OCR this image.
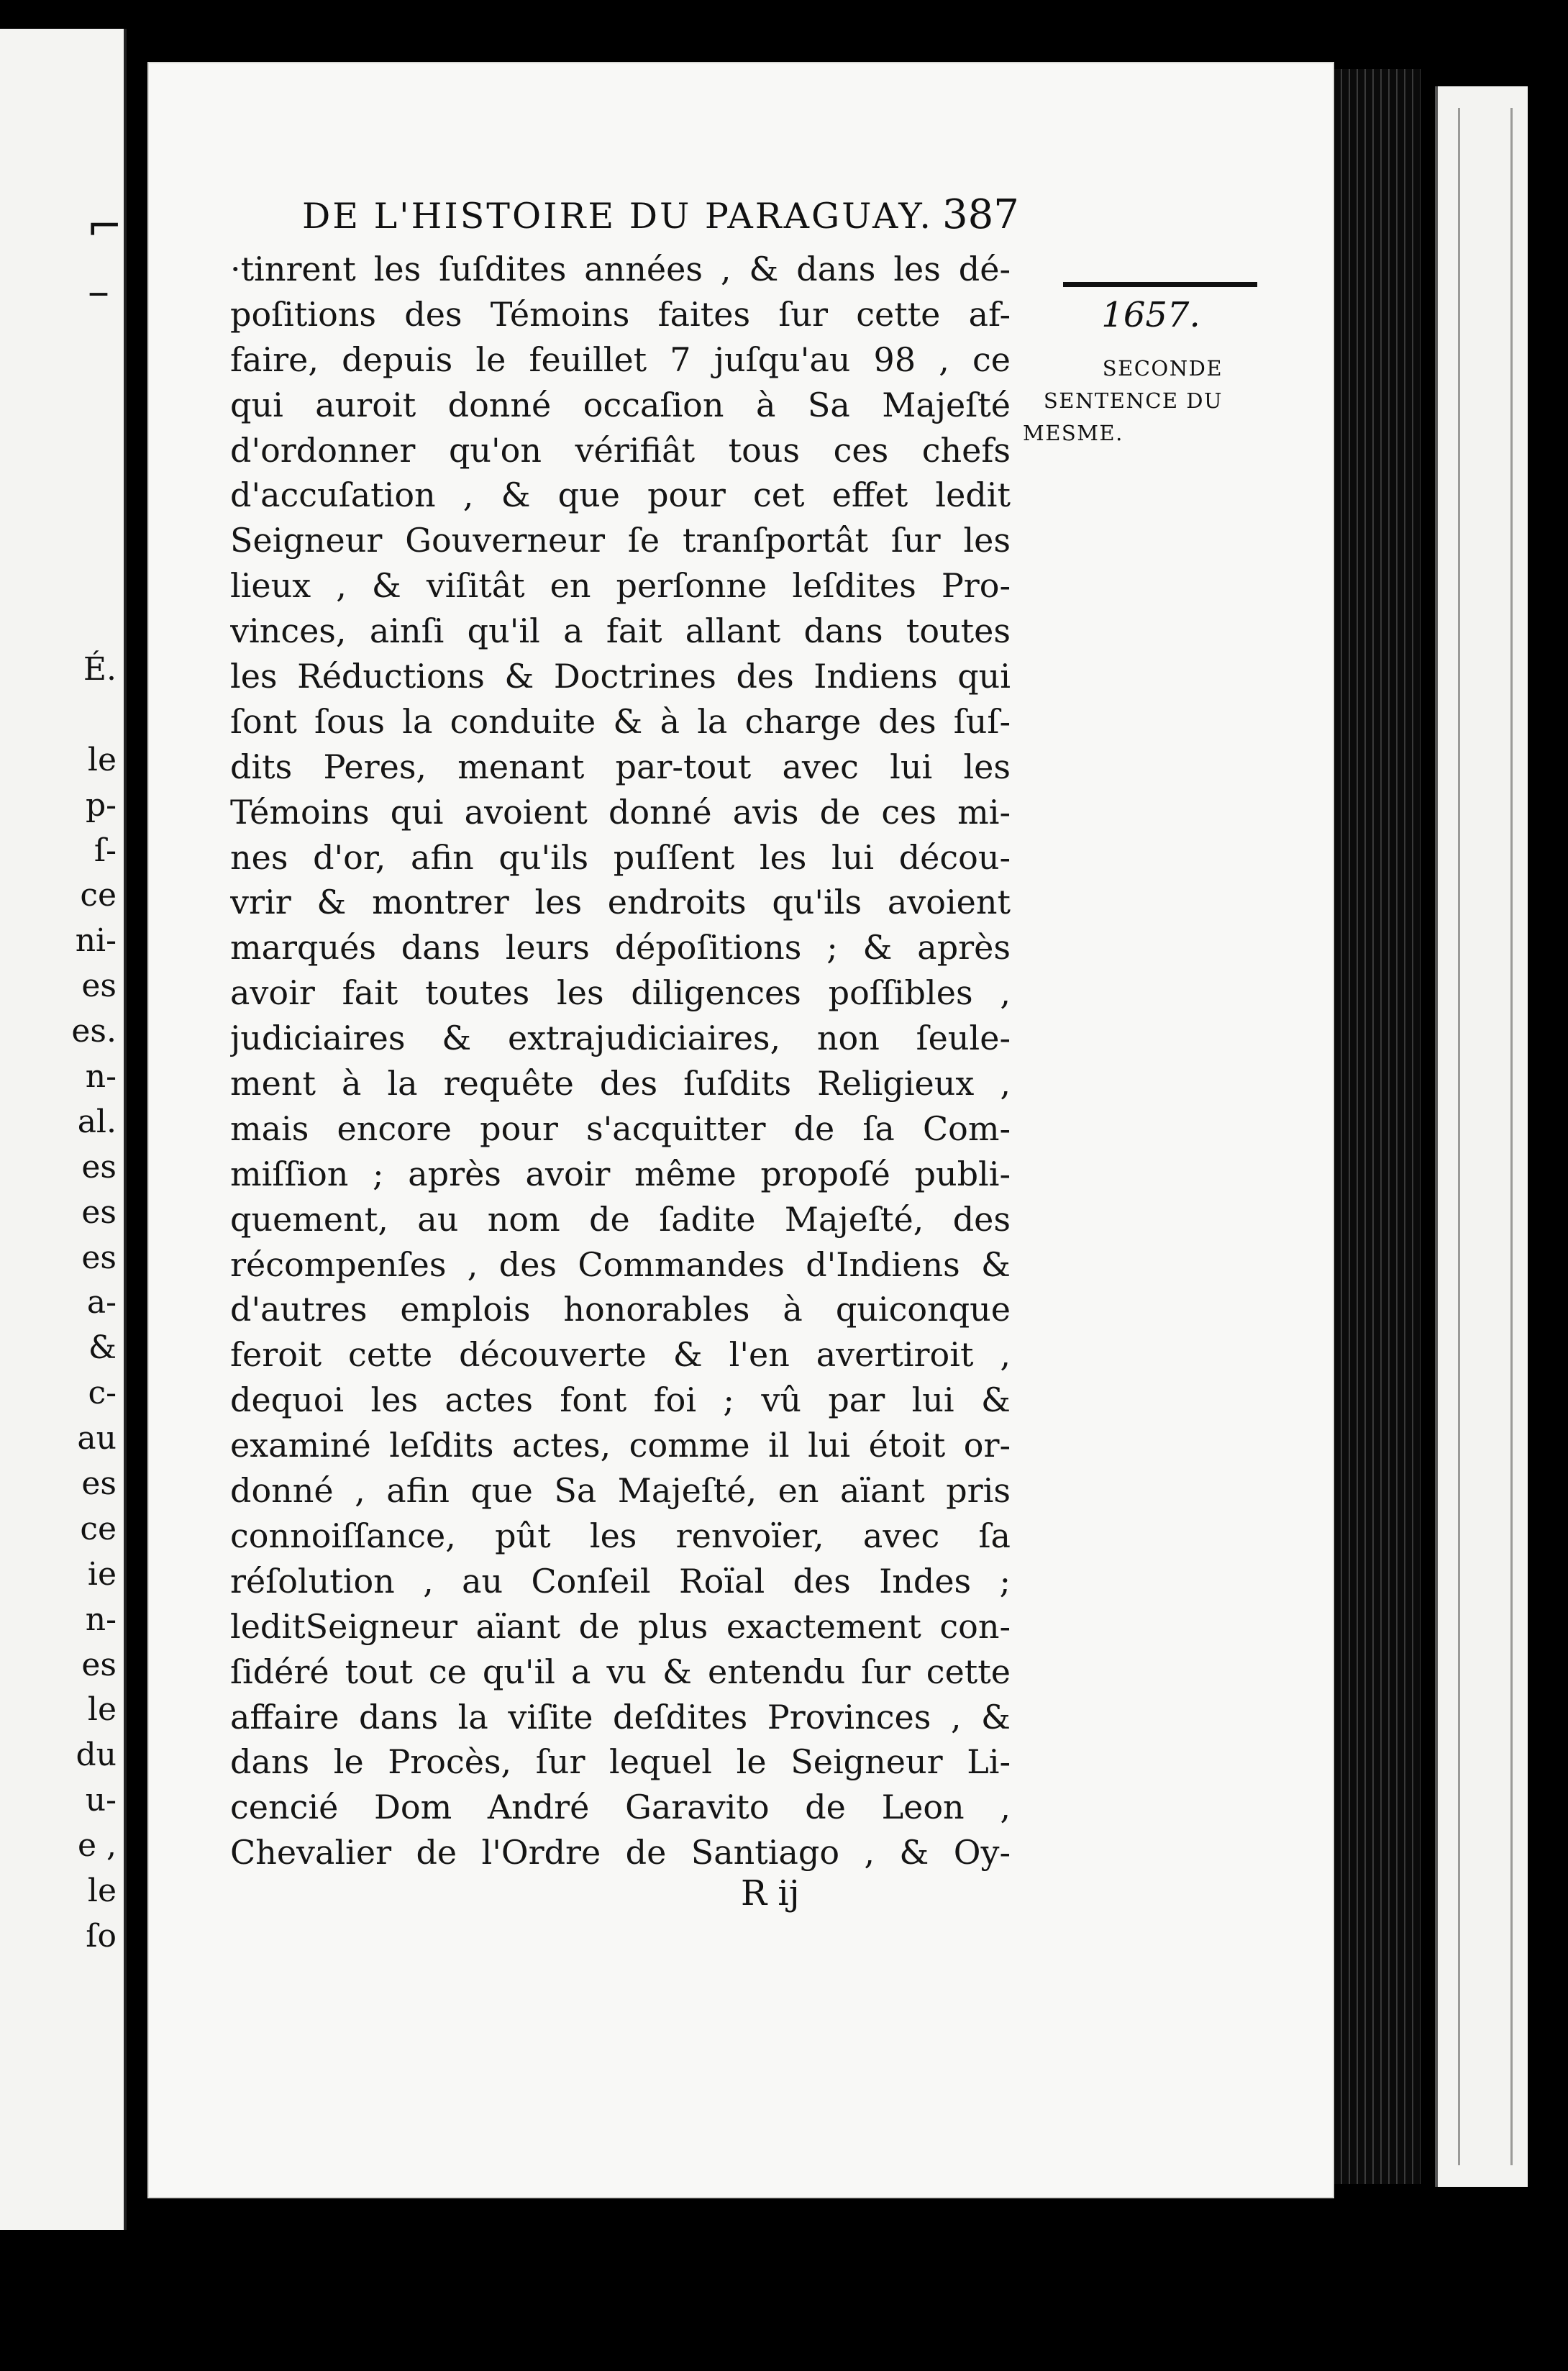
⌐
–
É.
le
p-
ſ-
ce
ni-
es
es.
n-
al.
es
es
es
a-
&
c-
au
es
ce
ie
n-
es
le
du
u-
e ,
le
ſo
DE L'HISTOIRE DU PARAGUAY. 387
·tinrent les ſuſdites années , & dans les dé-
poſitions des Témoins faites ſur cette af-
faire, depuis le feuillet 7 juſqu'au 98 , ce
qui auroit donné occaſion à Sa Majeſté
d'ordonner qu'on vérifiât tous ces chefs
d'accuſation , & que pour cet effet ledit
Seigneur Gouverneur ſe tranſportât ſur les
lieux , & viſitât en perſonne leſdites Pro-
vinces, ainſi qu'il a fait allant dans toutes
les Réductions & Doctrines des Indiens qui
ſont ſous la conduite & à la charge des ſuſ-
dits Peres, menant par-tout avec lui les
Témoins qui avoient donné avis de ces mi-
nes d'or, afin qu'ils puſſent les lui décou-
vrir & montrer les endroits qu'ils avoient
marqués dans leurs dépoſitions ; & après
avoir fait toutes les diligences poſſibles ,
judiciaires & extrajudiciaires, non ſeule-
ment à la requête des ſuſdits Religieux ,
mais encore pour s'acquitter de ſa Com-
miſſion ; après avoir même propoſé publi-
quement, au nom de ſadite Majeſté, des
récompenſes , des Commandes d'Indiens &
d'autres emplois honorables à quiconque
feroit cette découverte & l'en avertiroit ,
dequoi les actes font foi ; vû par lui &
examiné leſdits actes, comme il lui étoit or-
donné , afin que Sa Majeſté, en aïant pris
connoiſſance, pût les renvoïer, avec ſa
réſolution , au Conſeil Roïal des Indes ;
leditSeigneur aïant de plus exactement con-
ſidéré tout ce qu'il a vu & entendu ſur cette
affaire dans la viſite deſdites Provinces , &
dans le Procès, ſur lequel le Seigneur Li-
cencié Dom André Garavito de Leon ,
Chevalier de l'Ordre de Santiago , & Oy-
1657.
SECONDE
SENTENCE DU
MESME.
R ij
